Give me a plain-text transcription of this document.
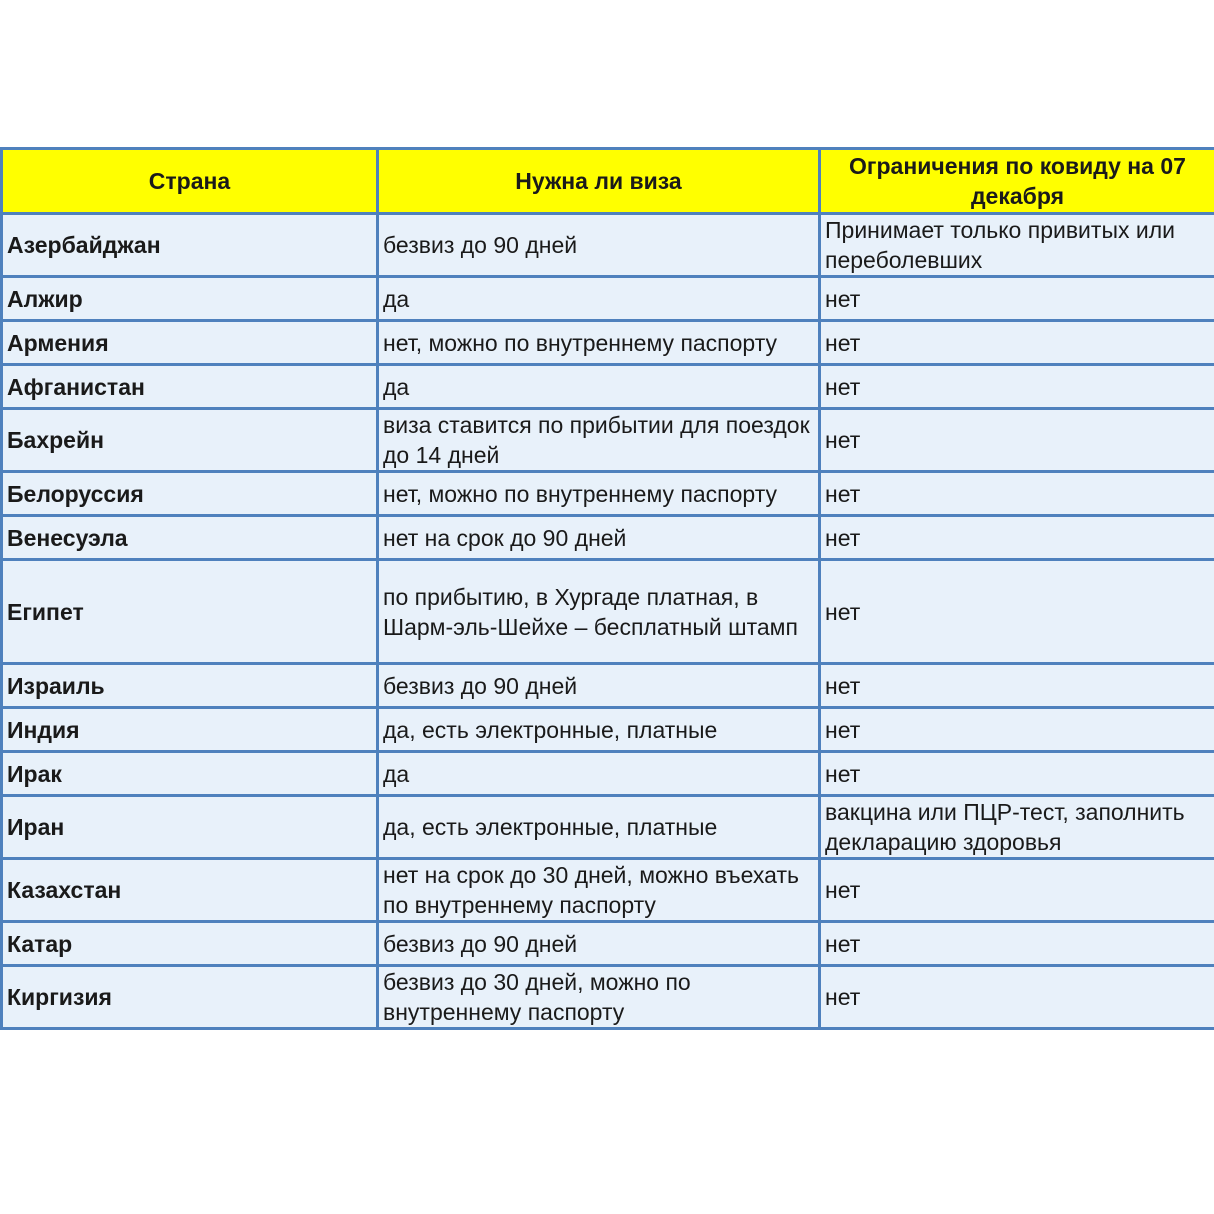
Страна	Нужна ли виза	Ограничения по ковиду на 07 декабря
Азербайджан	безвиз до 90 дней	Принимает только привитых или переболевших
Алжир	да	нет
Армения	нет, можно по внутреннему паспорту	нет
Афганистан	да	нет
Бахрейн	виза ставится по прибытии для поездок до 14 дней	нет
Белоруссия	нет, можно по внутреннему паспорту	нет
Венесуэла	нет на срок до 90 дней	нет
Египет	по прибытию, в Хургаде платная, в Шарм-эль-Шейхе – бесплатный штамп	нет
Израиль	безвиз до 90 дней	нет
Индия	да, есть электронные, платные	нет
Ирак	да	нет
Иран	да, есть электронные, платные	вакцина или ПЦР-тест, заполнить декларацию здоровья
Казахстан	нет на срок до 30 дней, можно въехать по внутреннему паспорту	нет
Катар	безвиз до 90 дней	нет
Киргизия	безвиз до 30 дней, можно по внутреннему паспорту	нет
